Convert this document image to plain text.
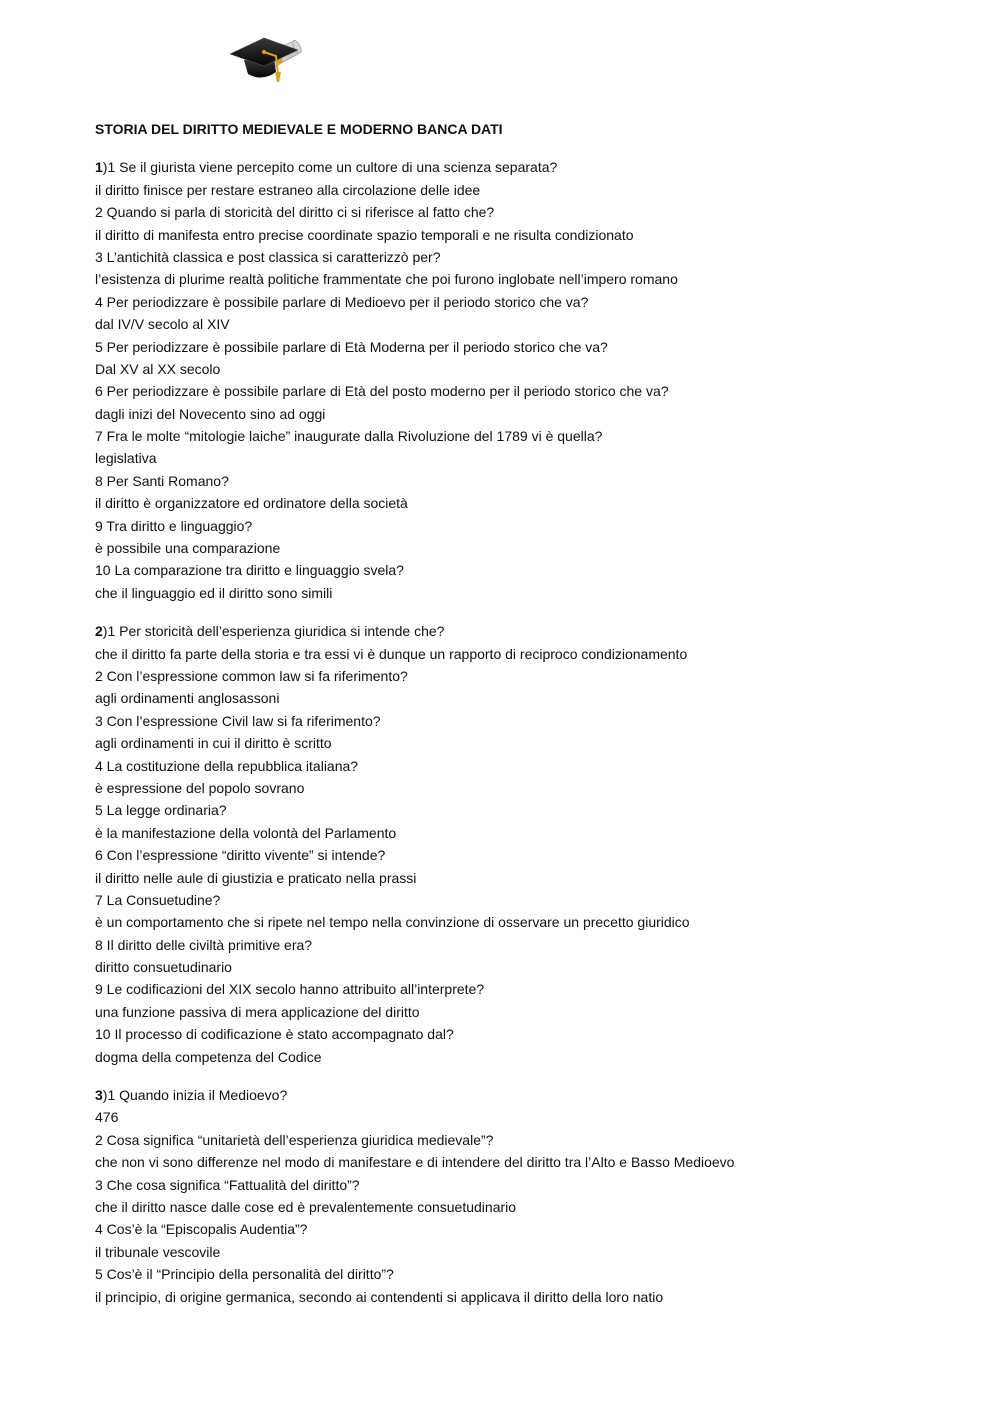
STORIA DEL DIRITTO MEDIEVALE E MODERNO BANCA DATI
1)1 Se il giurista viene percepito come un cultore di una scienza separata?
il diritto finisce per restare estraneo alla circolazione delle idee
2 Quando si parla di storicità del diritto ci si riferisce al fatto che?
il diritto di manifesta entro precise coordinate spazio temporali e ne risulta condizionato
3 L’antichità classica e post classica si caratterizzò per?
l’esistenza di plurime realtà politiche frammentate che poi furono inglobate nell’impero romano
4 Per periodizzare è possibile parlare di Medioevo per il periodo storico che va?
dal IV/V secolo al XIV
5 Per periodizzare è possibile parlare di Età Moderna per il periodo storico che va?
Dal XV al XX secolo
6 Per periodizzare è possibile parlare di Età del posto moderno per il periodo storico che va?
dagli inizi del Novecento sino ad oggi
7 Fra le molte “mitologie laiche” inaugurate dalla Rivoluzione del 1789 vi è quella?
legislativa
8 Per Santi Romano?
il diritto è organizzatore ed ordinatore della società
9 Tra diritto e linguaggio?
è possibile una comparazione
10 La comparazione tra diritto e linguaggio svela?
che il linguaggio ed il diritto sono simili
2)1 Per storicità dell’esperienza giuridica si intende che?
che il diritto fa parte della storia e tra essi vi è dunque un rapporto di reciproco condizionamento
2 Con l’espressione common law si fa riferimento?
agli ordinamenti anglosassoni
3 Con l’espressione Civil law si fa riferimento?
agli ordinamenti in cui il diritto è scritto
4 La costituzione della repubblica italiana?
è espressione del popolo sovrano
5 La legge ordinaria?
è la manifestazione della volontà del Parlamento
6 Con l’espressione “diritto vivente” si intende?
il diritto nelle aule di giustizia e praticato nella prassi
7 La Consuetudine?
è un comportamento che si ripete nel tempo nella convinzione di osservare un precetto giuridico
8 Il diritto delle civiltà primitive era?
diritto consuetudinario
9 Le codificazioni del XIX secolo hanno attribuito all’interprete?
una funzione passiva di mera applicazione del diritto
10 Il processo di codificazione è stato accompagnato dal?
dogma della competenza del Codice
3)1 Quando inizia il Medioevo?
476
2 Cosa significa “unitarietà dell’esperienza giuridica medievale”?
che non vi sono differenze nel modo di manifestare e di intendere del diritto tra l’Alto e Basso Medioevo
3 Che cosa significa “Fattualità del diritto”?
che il diritto nasce dalle cose ed è prevalentemente consuetudinario
4 Cos’è la “Episcopalis Audentia”?
il tribunale vescovile
5 Cos’è il “Principio della personalità del diritto”?
il principio, di origine germanica, secondo ai contendenti si applicava il diritto della loro natio
